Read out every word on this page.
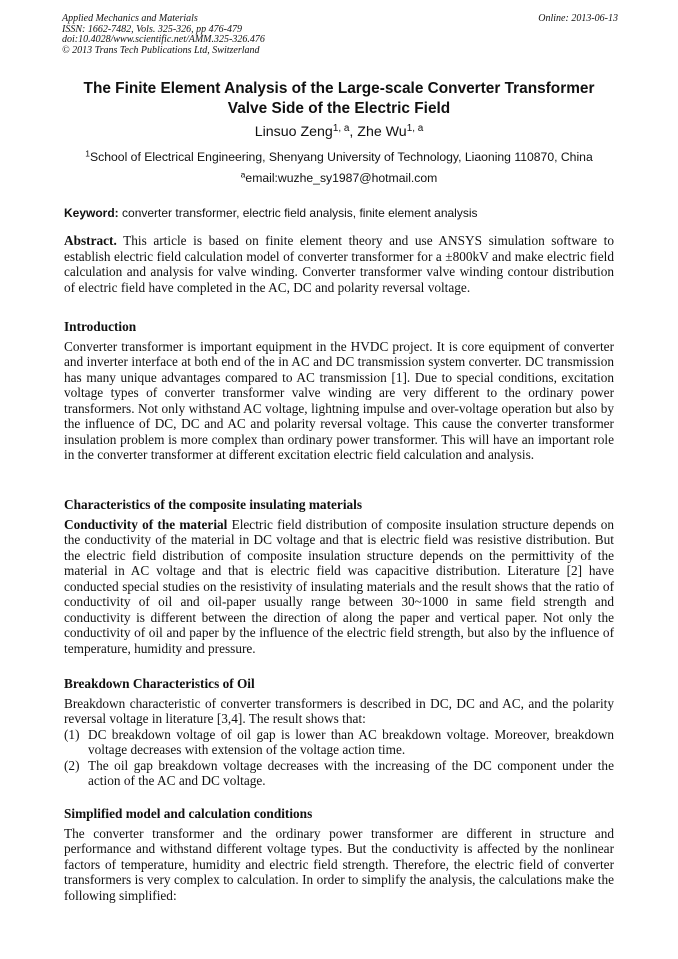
Applied Mechanics and Materials
ISSN: 1662-7482, Vols. 325-326, pp 476-479
doi:10.4028/www.scientific.net/AMM.325-326.476
© 2013 Trans Tech Publications Ltd, Switzerland
Online: 2013-06-13
The Finite Element Analysis of the Large-scale Converter Transformer
Valve Side of the Electric Field
Linsuo Zeng$^{1, a}$, Zhe Wu$^{1, a}$
$^1$School of Electrical Engineering, Shenyang University of Technology, Liaoning 110870, China
$^a$email:wuzhe_sy1987@hotmail.com
Keyword: converter transformer, electric field analysis, finite element analysis

Abstract. This article is based on finite element theory and use ANSYS simulation software to establish electric field calculation model of converter transformer for a ±800kV and make electric field calculation and analysis for valve winding. Converter transformer valve winding contour distribution of electric field have completed in the AC, DC and polarity reversal voltage.

Introduction

Converter transformer is important equipment in the HVDC project. It is core equipment of converter and inverter interface at both end of the in AC and DC transmission system converter. DC transmission has many unique advantages compared to AC transmission [1]. Due to special conditions, excitation voltage types of converter transformer valve winding are very different to the ordinary power transformers. Not only withstand AC voltage, lightning impulse and over-voltage operation but also by the influence of DC, DC and AC and polarity reversal voltage. This cause the converter transformer insulation problem is more complex than ordinary power transformer. This will have an important role in the converter transformer at different excitation electric field calculation and analysis.

Characteristics of the composite insulating materials

Conductivity of the material Electric field distribution of composite insulation structure depends on the conductivity of the material in DC voltage and that is electric field was resistive distribution. But the electric field distribution of composite insulation structure depends on the permittivity of the material in AC voltage and that is electric field was capacitive distribution. Literature [2] have conducted special studies on the resistivity of insulating materials and the result shows that the ratio of conductivity of oil and oil-paper usually range between 30~1000 in same field strength and conductivity is different between the direction of along the paper and vertical paper. Not only the conductivity of oil and paper by the influence of the electric field strength, but also by the influence of temperature, humidity and pressure.

Breakdown Characteristics of Oil

Breakdown characteristic of converter transformers is described in DC, DC and AC, and the polarity reversal voltage in literature [3,4]. The result shows that:

(1) DC breakdown voltage of oil gap is lower than AC breakdown voltage. Moreover, breakdown voltage decreases with extension of the voltage action time.
(2) The oil gap breakdown voltage decreases with the increasing of the DC component under the action of the AC and DC voltage.

Simplified model and calculation conditions

The converter transformer and the ordinary power transformer are different in structure and performance and withstand different voltage types. But the conductivity is affected by the nonlinear factors of temperature, humidity and electric field strength. Therefore, the electric field of converter transformers is very complex to calculation. In order to simplify the analysis, the calculations make the following simplified:
